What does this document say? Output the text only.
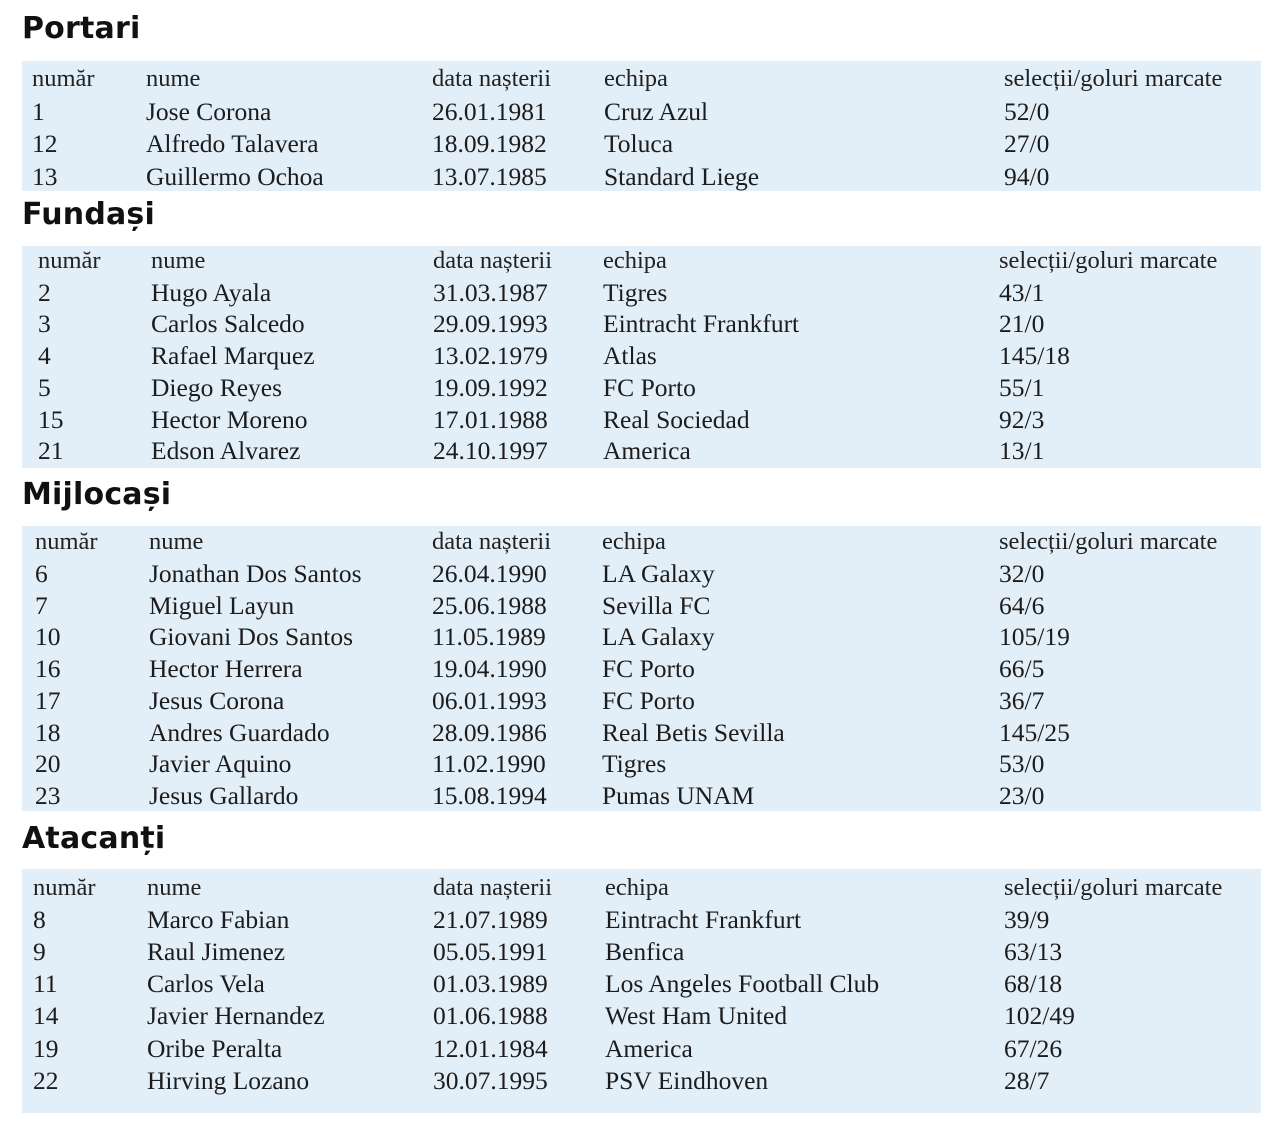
Portari
număr nume	data nașterii echipa	selecții/goluri marcate
1	Jose Corona	26.01.1981 Cruz Azul	52/0
12	Alfredo Talavera	18.09.1982 Toluca	27/0
13	Guillermo Ochoa	13.07.1985 Standard Liege	94/0
Fundași
număr nume	data nașterii echipa	selecții/goluri marcate
2	Hugo Ayala	31.03.1987 Tigres	43/1
3	Carlos Salcedo	29.09.1993 Eintracht Frankfurt	21/0
4	Rafael Marquez	13.02.1979 Atlas	145/18
5	Diego Reyes	19.09.1992 FC Porto	55/1
15	Hector Moreno	17.01.1988 Real Sociedad	92/3
21	Edson Alvarez	24.10.1997 America	13/1
Mijlocași
număr nume	data nașterii echipa	selecții/goluri marcate
6	Jonathan Dos Santos	26.04.1990 LA Galaxy	32/0
7	Miguel Layun	25.06.1988 Sevilla FC	64/6
10	Giovani Dos Santos	11.05.1989 LA Galaxy	105/19
16	Hector Herrera	19.04.1990 FC Porto	66/5
17	Jesus Corona	06.01.1993 FC Porto	36/7
18	Andres Guardado	28.09.1986 Real Betis Sevilla	145/25
20	Javier Aquino	11.02.1990 Tigres	53/0
23	Jesus Gallardo	15.08.1994 Pumas UNAM	23/0
Atacanți
număr nume	data nașterii echipa	selecții/goluri marcate
8	Marco Fabian	21.07.1989 Eintracht Frankfurt	39/9
9	Raul Jimenez	05.05.1991 Benfica	63/13
11	Carlos Vela	01.03.1989 Los Angeles Football Club	68/18
14	Javier Hernandez	01.06.1988 West Ham United	102/49
19	Oribe Peralta	12.01.1984 America	67/26
22	Hirving Lozano	30.07.1995 PSV Eindhoven	28/7
